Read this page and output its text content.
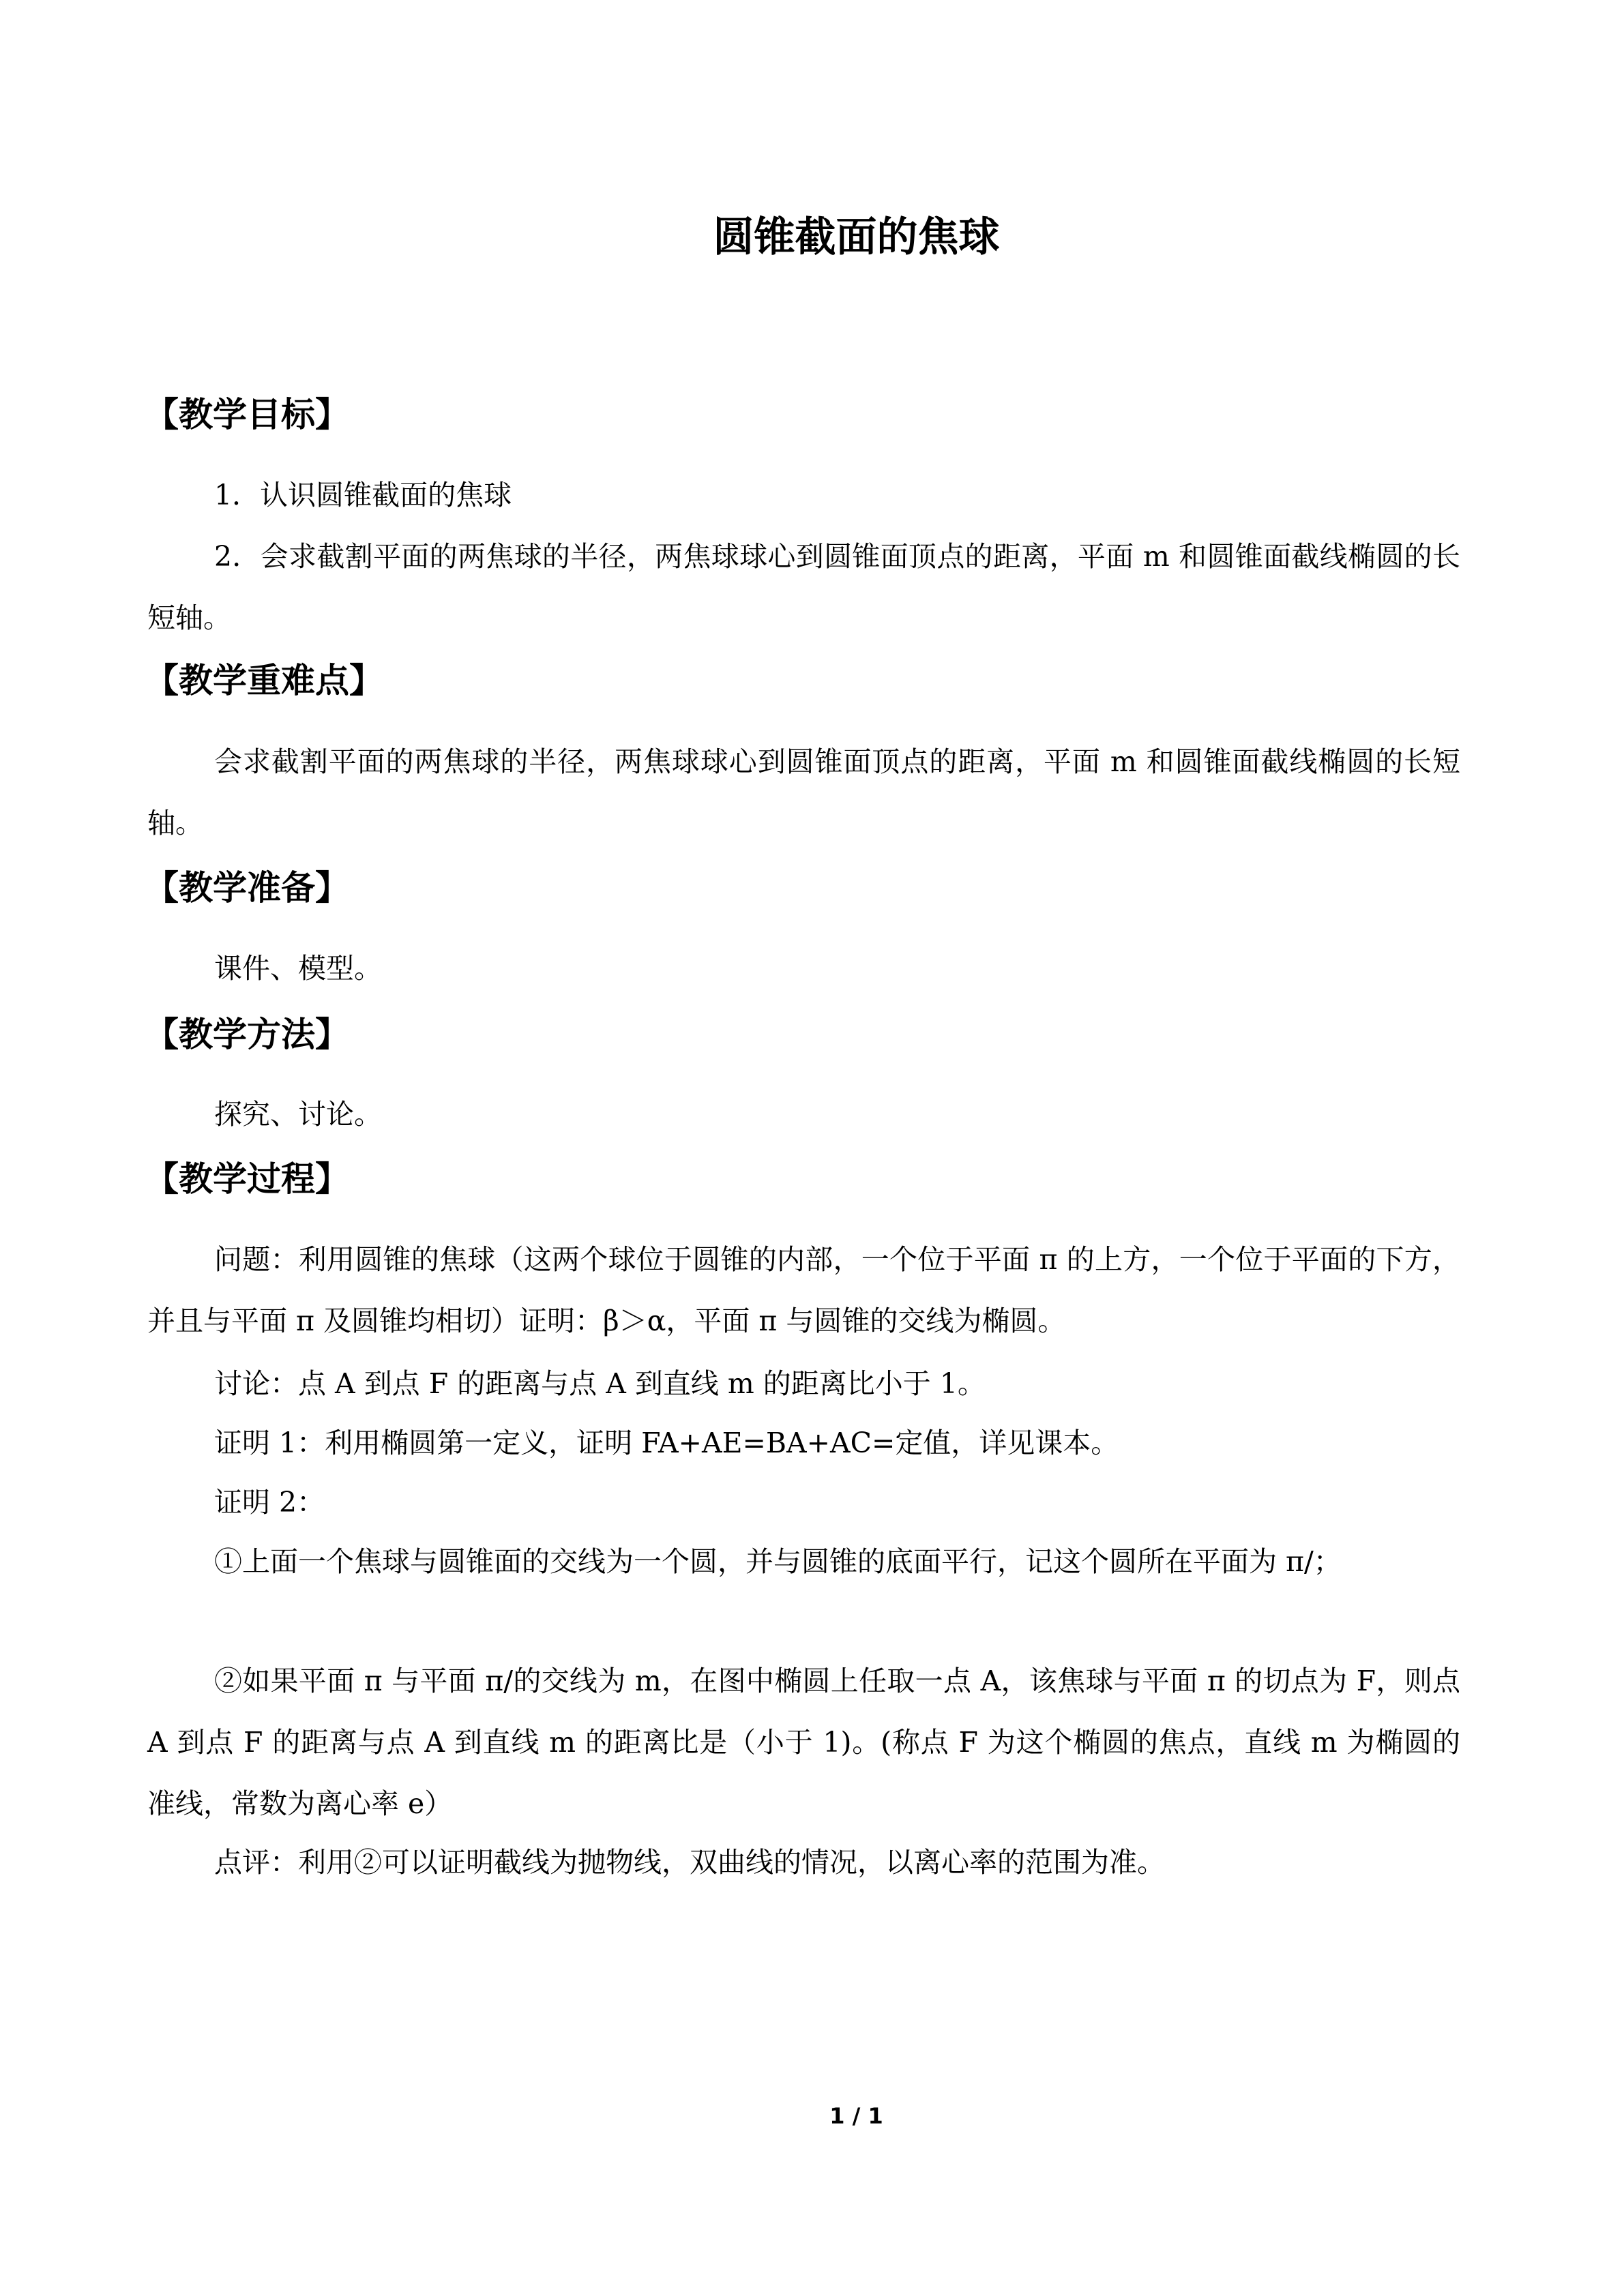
圆锥截面的焦球
【教学目标】

1．认识圆锥截面的焦球

2．会求截割平面的两焦球的半径，两焦球球心到圆锥面顶点的距离，平面 m 和圆锥面截线椭圆的长短轴。

【教学重难点】

会求截割平面的两焦球的半径，两焦球球心到圆锥面顶点的距离，平面 m 和圆锥面截线椭圆的长短轴。

【教学准备】

课件、模型。

【教学方法】

探究、讨论。

【教学过程】

问题：利用圆锥的焦球（这两个球位于圆锥的内部，一个位于平面 π 的上方，一个位于平面的下方，并且与平面 π 及圆锥均相切）证明：β＞α，平面 π 与圆锥的交线为椭圆。

讨论：点 A 到点 F 的距离与点 A 到直线 m 的距离比小于 1。

证明 1：利用椭圆第一定义，证明 FA+AE=BA+AC=定值，详见课本。

证明 2：

①上面一个焦球与圆锥面的交线为一个圆，并与圆锥的底面平行，记这个圆所在平面为 π/；

②如果平面 π 与平面 π/的交线为 m，在图中椭圆上任取一点 A，该焦球与平面 π 的切点为 F，则点 A 到点 F 的距离与点 A 到直线 m 的距离比是（小于 1)。(称点 F 为这个椭圆的焦点，直线 m 为椭圆的准线，常数为离心率 e）

点评：利用②可以证明截线为抛物线，双曲线的情况，以离心率的范围为准。

1 / 1
